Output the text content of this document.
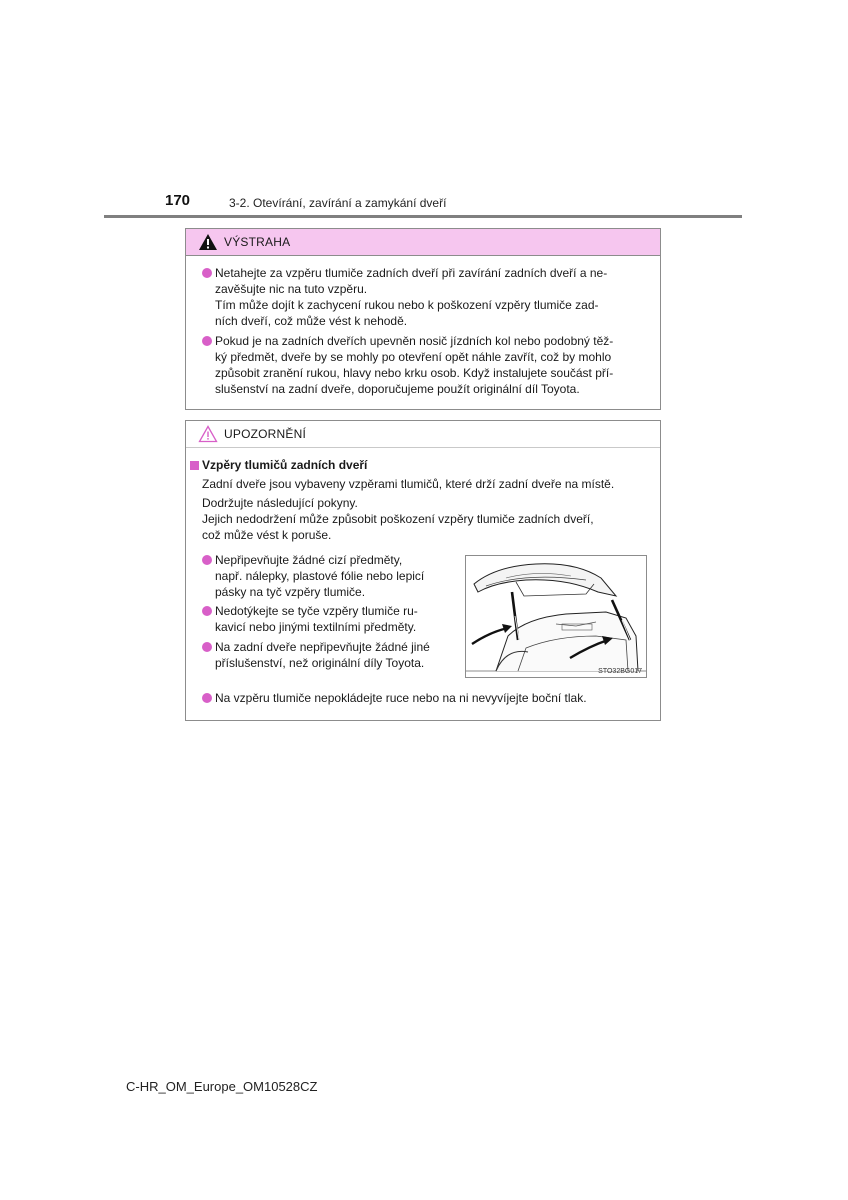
170	3-2. Otevírání, zavírání a zamykání dveří
VÝSTRAHA
Netahejte za vzpěru tlumiče zadních dveří při zavírání zadních dveří a ne-
zavěšujte nic na tuto vzpěru.
Tím může dojít k zachycení rukou nebo k poškození vzpěry tlumiče zad-
ních dveří, což může vést k nehodě.
Pokud je na zadních dveřích upevněn nosič jízdních kol nebo podobný těž-
ký předmět, dveře by se mohly po otevření opět náhle zavřít, což by mohlo
způsobit zranění rukou, hlavy nebo krku osob. Když instalujete součást pří-
slušenství na zadní dveře, doporučujeme použít originální díl Toyota.
UPOZORNĚNÍ
Vzpěry tlumičů zadních dveří
Zadní dveře jsou vybaveny vzpěrami tlumičů, které drží zadní dveře na místě.
Dodržujte následující pokyny.
Jejich nedodržení může způsobit poškození vzpěry tlumiče zadních dveří,
což může vést k poruše.
Nepřipevňujte žádné cizí předměty,
např. nálepky, plastové fólie nebo lepicí
pásky na tyč vzpěry tlumiče.
Nedotýkejte se tyče vzpěry tlumiče ru-
kavicí nebo jinými textilními předměty.
Na zadní dveře nepřipevňujte žádné jiné
příslušenství, než originální díly Toyota.
Na vzpěru tlumiče nepokládejte ruce nebo na ni nevyvíjejte boční tlak.
STO32BG017
C-HR_OM_Europe_OM10528CZ
